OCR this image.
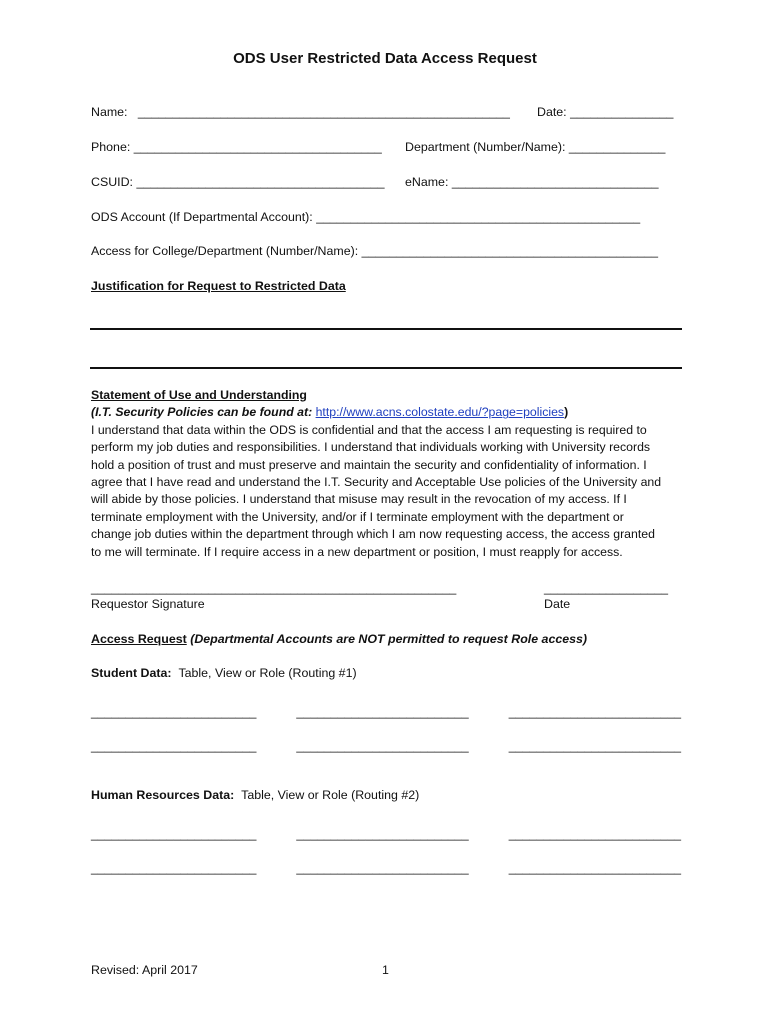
ODS User Restricted Data Access Request
Name: ______________________________________________________ Date: _______________
Phone: ____________________________________ Department (Number/Name): ______________
CSUID: ____________________________________ eName: ______________________________
ODS Account (If Departmental Account): _______________________________________________
Access for College/Department (Number/Name): ___________________________________________
Justification for Request to Restricted Data
Statement of Use and Understanding
(I.T. Security Policies can be found at: http://www.acns.colostate.edu/?page=policies)
I understand that data within the ODS is confidential and that the access I am requesting is required to
perform my job duties and responsibilities. I understand that individuals working with University records
hold a position of trust and must preserve and maintain the security and confidentiality of information. I
agree that I have read and understand the I.T. Security and Acceptable Use policies of the University and
will abide by those policies. I understand that misuse may result in the revocation of my access. If I
terminate employment with the University, and/or if I terminate employment with the department or
change job duties within the department through which I am now requesting access, the access granted
to me will terminate. If I require access in a new department or position, I must reapply for access.
_____________________________________________________
Requestor Signature
__________________
Date
Access Request (Departmental Accounts are NOT permitted to request Role access)
Student Data: Table, View or Role (Routing #1)
________________________	_________________________	_________________________
________________________	_________________________	_________________________
Human Resources Data: Table, View or Role (Routing #2)
________________________	_________________________	_________________________
________________________	_________________________	_________________________
Revised: April 2017	1
